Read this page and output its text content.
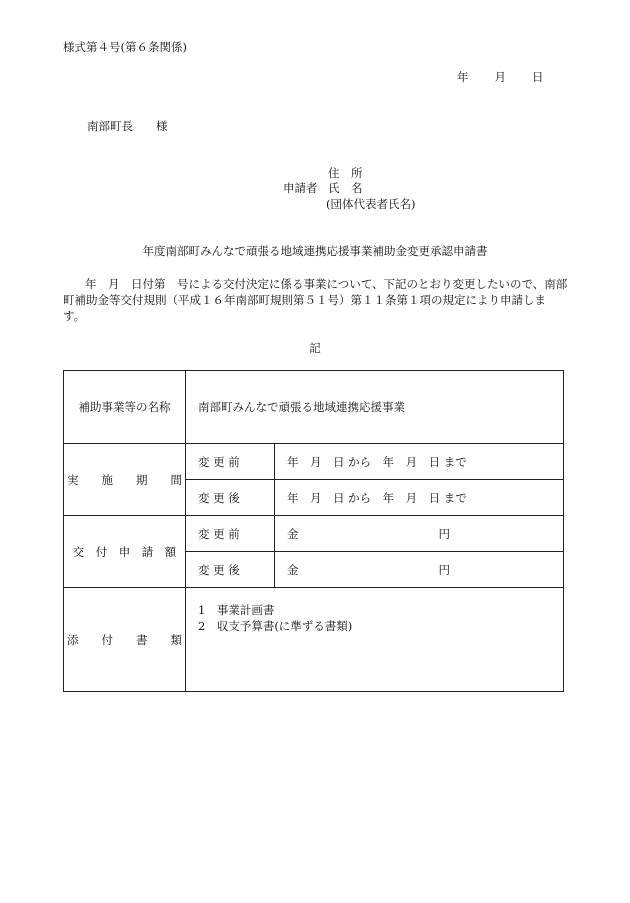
様式第４号(第６条関係)
年 月 日
南部町長　　様
住　所
申請者 氏　名
(団体代表者氏名)
年度南部町みんなで頑張る地域連携応援事業補助金変更承認申請書
年　月　日付第　号による交付決定に係る事業について、下記のとおり変更したいので、南部町補助金等交付規則（平成１６年南部町規則第５１号）第１１条第１項の規定により申請します。
記
補助事業等の名称	南部町みんなで頑張る地域連携応援事業	
実　　施　　期　　間	変 更 前	年　月　日 から　年　月　日 まで
	変 更 後	年　月　日 から　年　月　日 まで
交　付　申　請　額	変 更 前	金 円
	変 更 後	金 円
添　　付　　書　　類	1　事業計画書
2　収支予算書(に準ずる書類)	
